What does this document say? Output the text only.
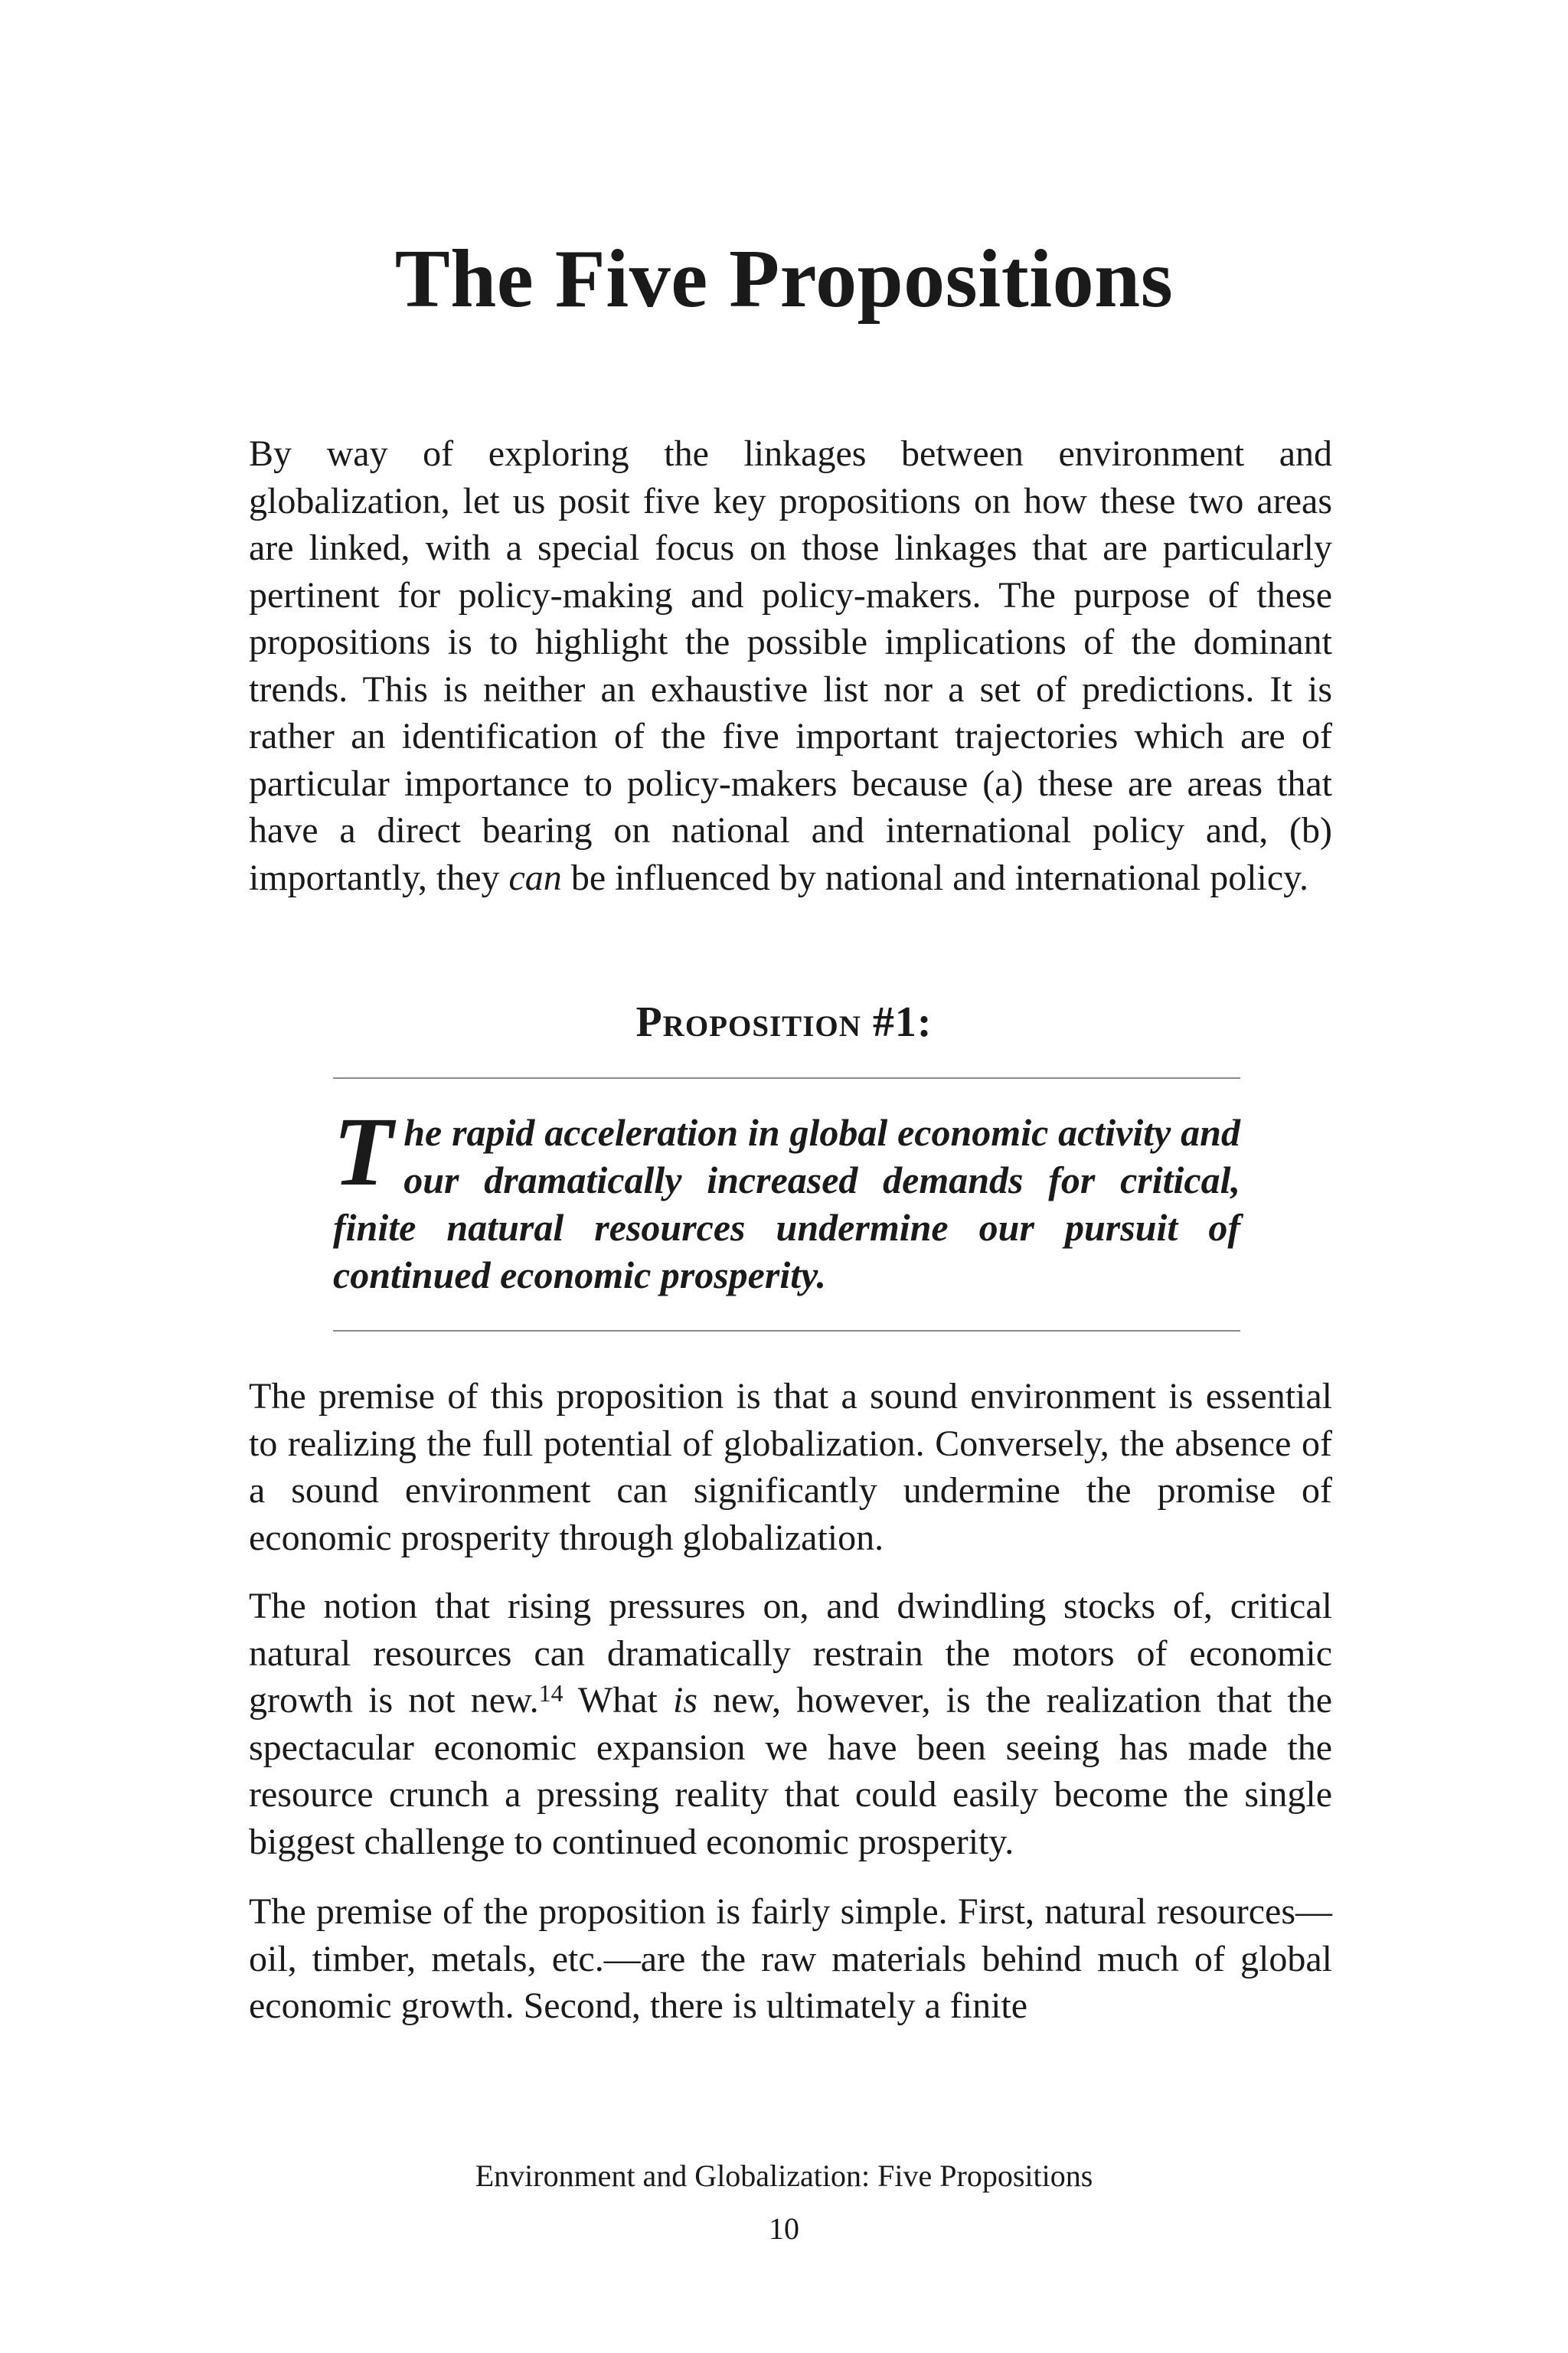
The Five Propositions

By way of exploring the linkages between environment and globalization, let us posit five key propositions on how these two areas are linked, with a special focus on those linkages that are particularly pertinent for policy-making and policy-makers. The purpose of these propositions is to highlight the possible implications of the dominant trends. This is neither an exhaustive list nor a set of predictions. It is rather an identification of the five important trajectories which are of particular importance to policy-makers because (a) these are areas that have a direct bearing on national and international policy and, (b) importantly, they can be influenced by national and international policy.

Proposition #1:

The rapid acceleration in global economic activity and our dramatically increased demands for critical, finite natural resources undermine our pursuit of continued economic prosperity.

The premise of this proposition is that a sound environment is essential to realizing the full potential of globalization. Conversely, the absence of a sound environment can significantly undermine the promise of economic prosperity through globalization.

The notion that rising pressures on, and dwindling stocks of, critical natural resources can dramatically restrain the motors of economic growth is not new.$^{14}$ What is new, however, is the realization that the spectacular economic expansion we have been seeing has made the resource crunch a pressing reality that could easily become the single biggest challenge to continued economic prosperity.

The premise of the proposition is fairly simple. First, natural resources—oil, timber, metals, etc.—are the raw materials behind much of global economic growth. Second, there is ultimately a finite

Environment and Globalization: Five Propositions

10
